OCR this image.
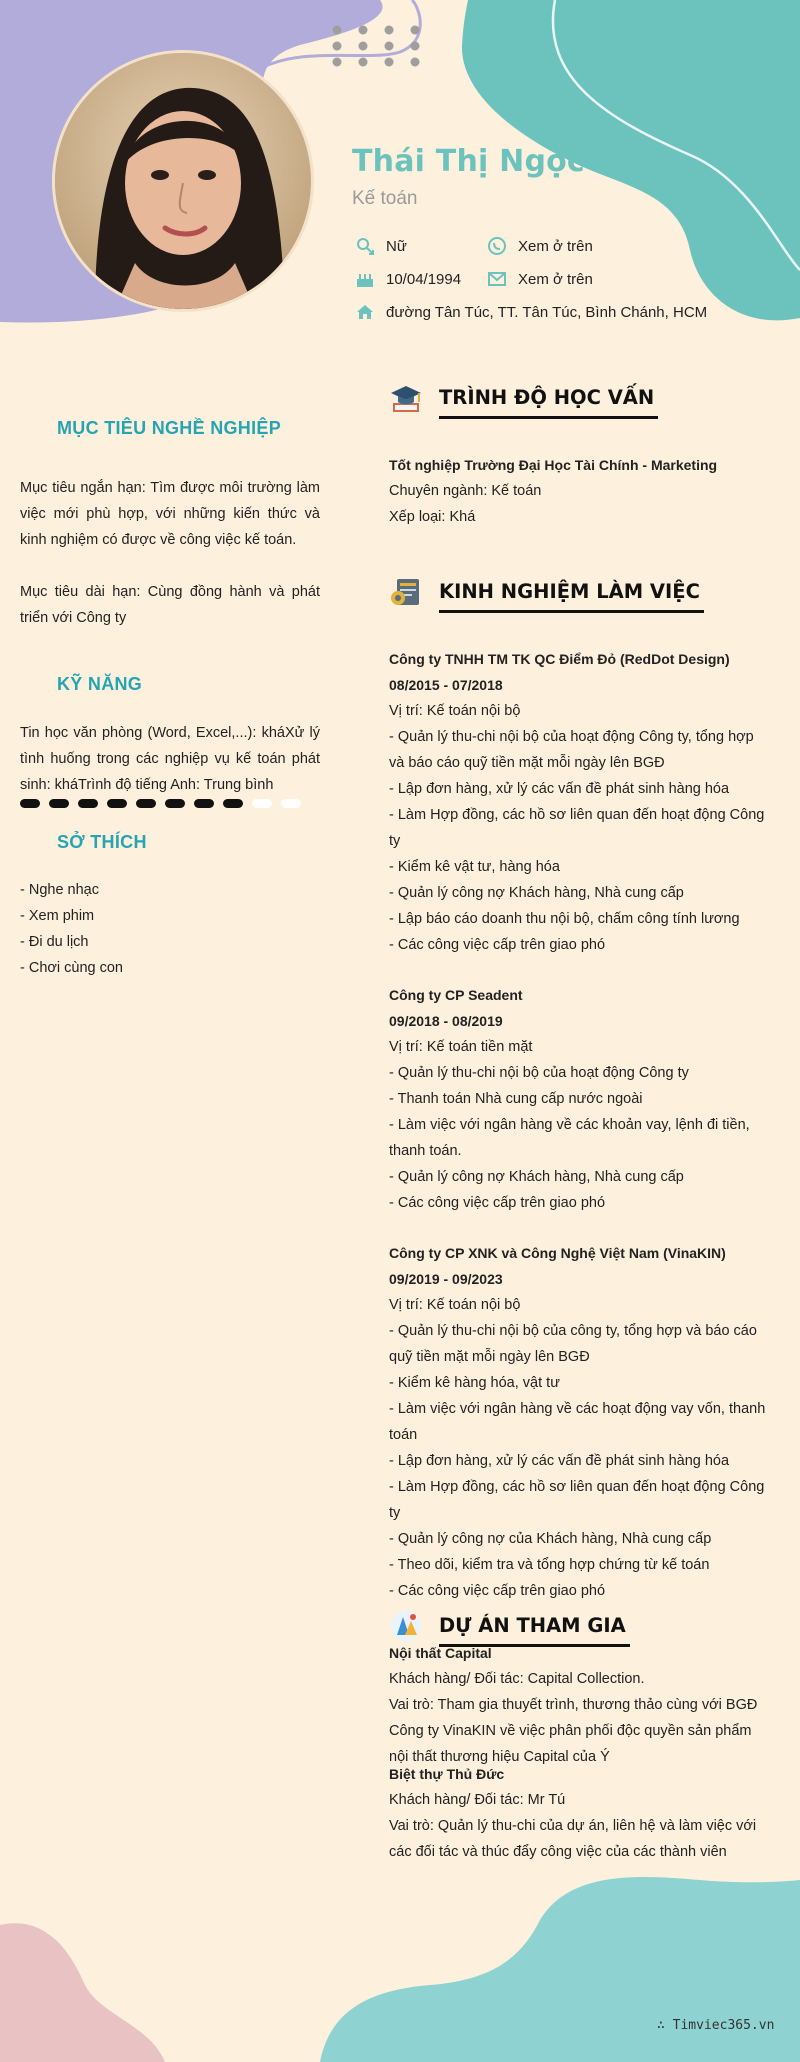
Thái Thị Ngọc Hiếu
Kế toán
Nữ	Xem ở trên
10/04/1994	Xem ở trên
đường Tân Túc, TT. Tân Túc, Bình Chánh, HCM
MỤC TIÊU NGHỀ NGHIỆP

Mục tiêu ngắn hạn: Tìm được môi trường làm việc mới phù hợp, với những kiến thức và kinh nghiệm có được về công việc kế toán.

Mục tiêu dài hạn: Cùng đồng hành và phát triển với Công ty

KỸ NĂNG

Tin học văn phòng (Word, Excel,...): kháXử lý tình huống trong các nghiệp vụ kế toán phát sinh: kháTrình độ tiếng Anh: Trung bình

SỞ THÍCH
- Nghe nhạc
- Xem phim
- Đi du lịch
- Chơi cùng con
TRÌNH ĐỘ HỌC VẤN
Tốt nghiệp Trường Đại Học Tài Chính - Marketing
Chuyên ngành: Kế toán
Xếp loại: Khá
KINH NGHIỆM LÀM VIỆC
Công ty TNHH TM TK QC Điểm Đỏ (RedDot Design)
08/2015 - 07/2018
Vị trí: Kế toán nội bộ
- Quản lý thu-chi nội bộ của hoạt động Công ty, tổng hợp và báo cáo quỹ tiền mặt mỗi ngày lên BGĐ
- Lập đơn hàng, xử lý các vấn đề phát sinh hàng hóa
- Làm Hợp đồng, các hồ sơ liên quan đến hoạt động Công ty
- Kiểm kê vật tư, hàng hóa
- Quản lý công nợ Khách hàng, Nhà cung cấp
- Lập báo cáo doanh thu nội bộ, chấm công tính lương
- Các công việc cấp trên giao phó
Công ty CP Seadent
09/2018 - 08/2019
Vị trí: Kế toán tiền mặt
- Quản lý thu-chi nội bộ của hoạt động Công ty
- Thanh toán Nhà cung cấp nước ngoài
- Làm việc với ngân hàng về các khoản vay, lệnh đi tiền, thanh toán.
- Quản lý công nợ Khách hàng, Nhà cung cấp
- Các công việc cấp trên giao phó
Công ty CP XNK và Công Nghệ Việt Nam (VinaKIN)
09/2019 - 09/2023
Vị trí: Kế toán nội bộ
- Quản lý thu-chi nội bộ của công ty, tổng hợp và báo cáo quỹ tiền mặt mỗi ngày lên BGĐ
- Kiểm kê hàng hóa, vật tư
- Làm việc với ngân hàng về các hoạt động vay vốn, thanh toán
- Lập đơn hàng, xử lý các vấn đề phát sinh hàng hóa
- Làm Hợp đồng, các hồ sơ liên quan đến hoạt động Công ty
- Quản lý công nợ của Khách hàng, Nhà cung cấp
- Theo dõi, kiểm tra và tổng hợp chứng từ kế toán
- Các công việc cấp trên giao phó
DỰ ÁN THAM GIA
Nội thất Capital
Khách hàng/ Đối tác: Capital Collection.
Vai trò: Tham gia thuyết trình, thương thảo cùng với BGĐ Công ty VinaKIN về việc phân phối độc quyền sản phẩm nội thất thương hiệu Capital của Ý
Biệt thự Thủ Đức
Khách hàng/ Đối tác: Mr Tú
Vai trò: Quản lý thu-chi của dự án, liên hệ và làm việc với các đối tác và thúc đẩy công việc của các thành viên
∴ Timviec365.vn
